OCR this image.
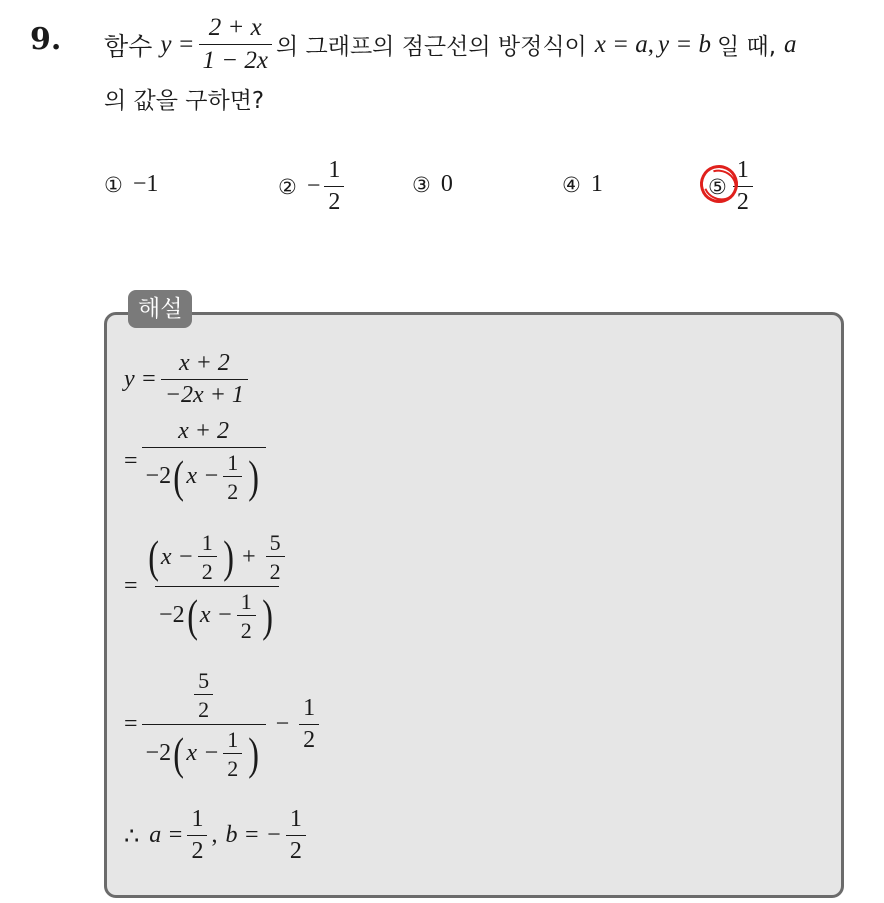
9. 함수 $y = \frac{2 + x}{1 - 2x}$ 의 그래프의 점근선의 방정식이 x = a , y = b 일 때, a
의 값을 구하면?
① −1	② − $\frac{1}{2}$	③ 0	④ 1	⑤ $\frac{1}{2}$
해설
$y = \frac{x + 2}{-2x + 1}$
=
x + 2
−2 ( $x - \frac{1}{2}$ )
=
( $x - \frac{1}{2}$ ) + $\frac{5}{2}$
−2 ( $x - \frac{1}{2}$ )
=
$\frac{5}{2}$
−2 ( $x - \frac{1}{2}$ )
− $\frac{1}{2}$
∴ $a = \frac{1}{2}$ , b = − $\frac{1}{2}$
